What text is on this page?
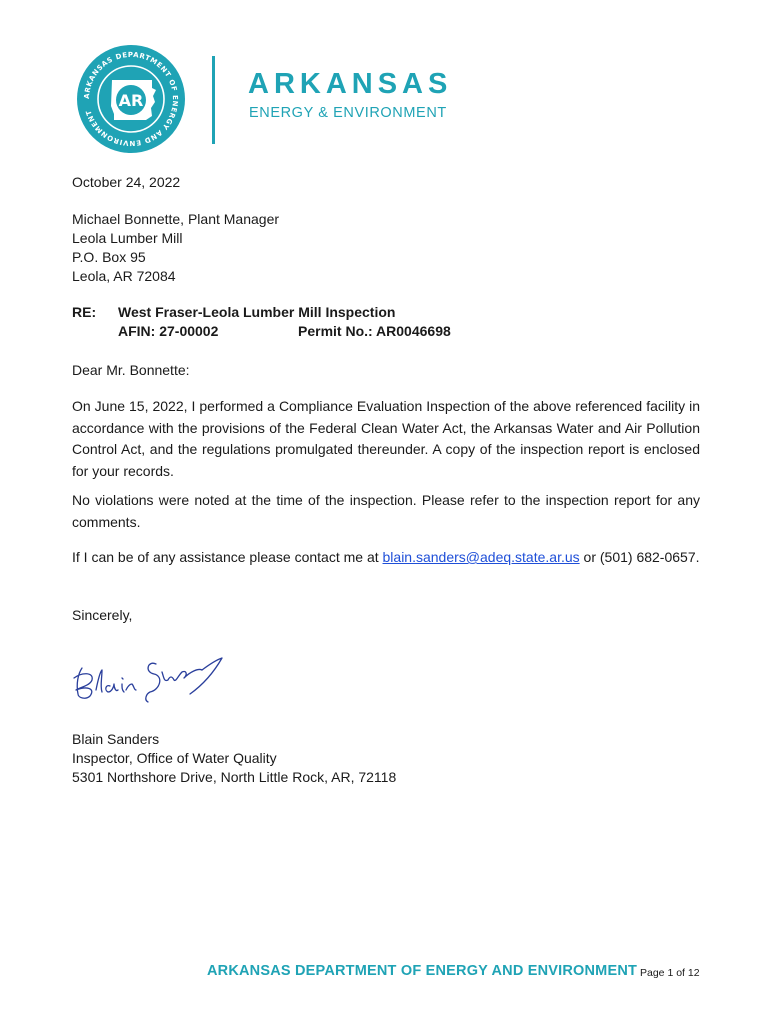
ARKANSAS DEPARTMENT OF ENERGY AND ENVIRONMENT
AR
ARKANSAS
ENERGY & ENVIRONMENT
October 24, 2022
Michael Bonnette, Plant Manager
Leola Lumber Mill
P.O. Box 95
Leola, AR 72084
RE: West Fraser-Leola Lumber Mill Inspection
AFIN: 27-00002	Permit No.: AR0046698
Dear Mr. Bonnette:
On June 15, 2022, I performed a Compliance Evaluation Inspection of the above referenced facility in accordance with the provisions of the Federal Clean Water Act, the Arkansas Water and Air Pollution Control Act, and the regulations promulgated thereunder. A copy of the inspection report is enclosed for your records.
No violations were noted at the time of the inspection. Please refer to the inspection report for any comments.
If I can be of any assistance please contact me at blain.sanders@adeq.state.ar.us or (501) 682-0657.
Sincerely,
Blain Sanders
Inspector, Office of Water Quality
5301 Northshore Drive, North Little Rock, AR, 72118
ARKANSAS DEPARTMENT OF ENERGY AND ENVIRONMENT Page 1 of 12
